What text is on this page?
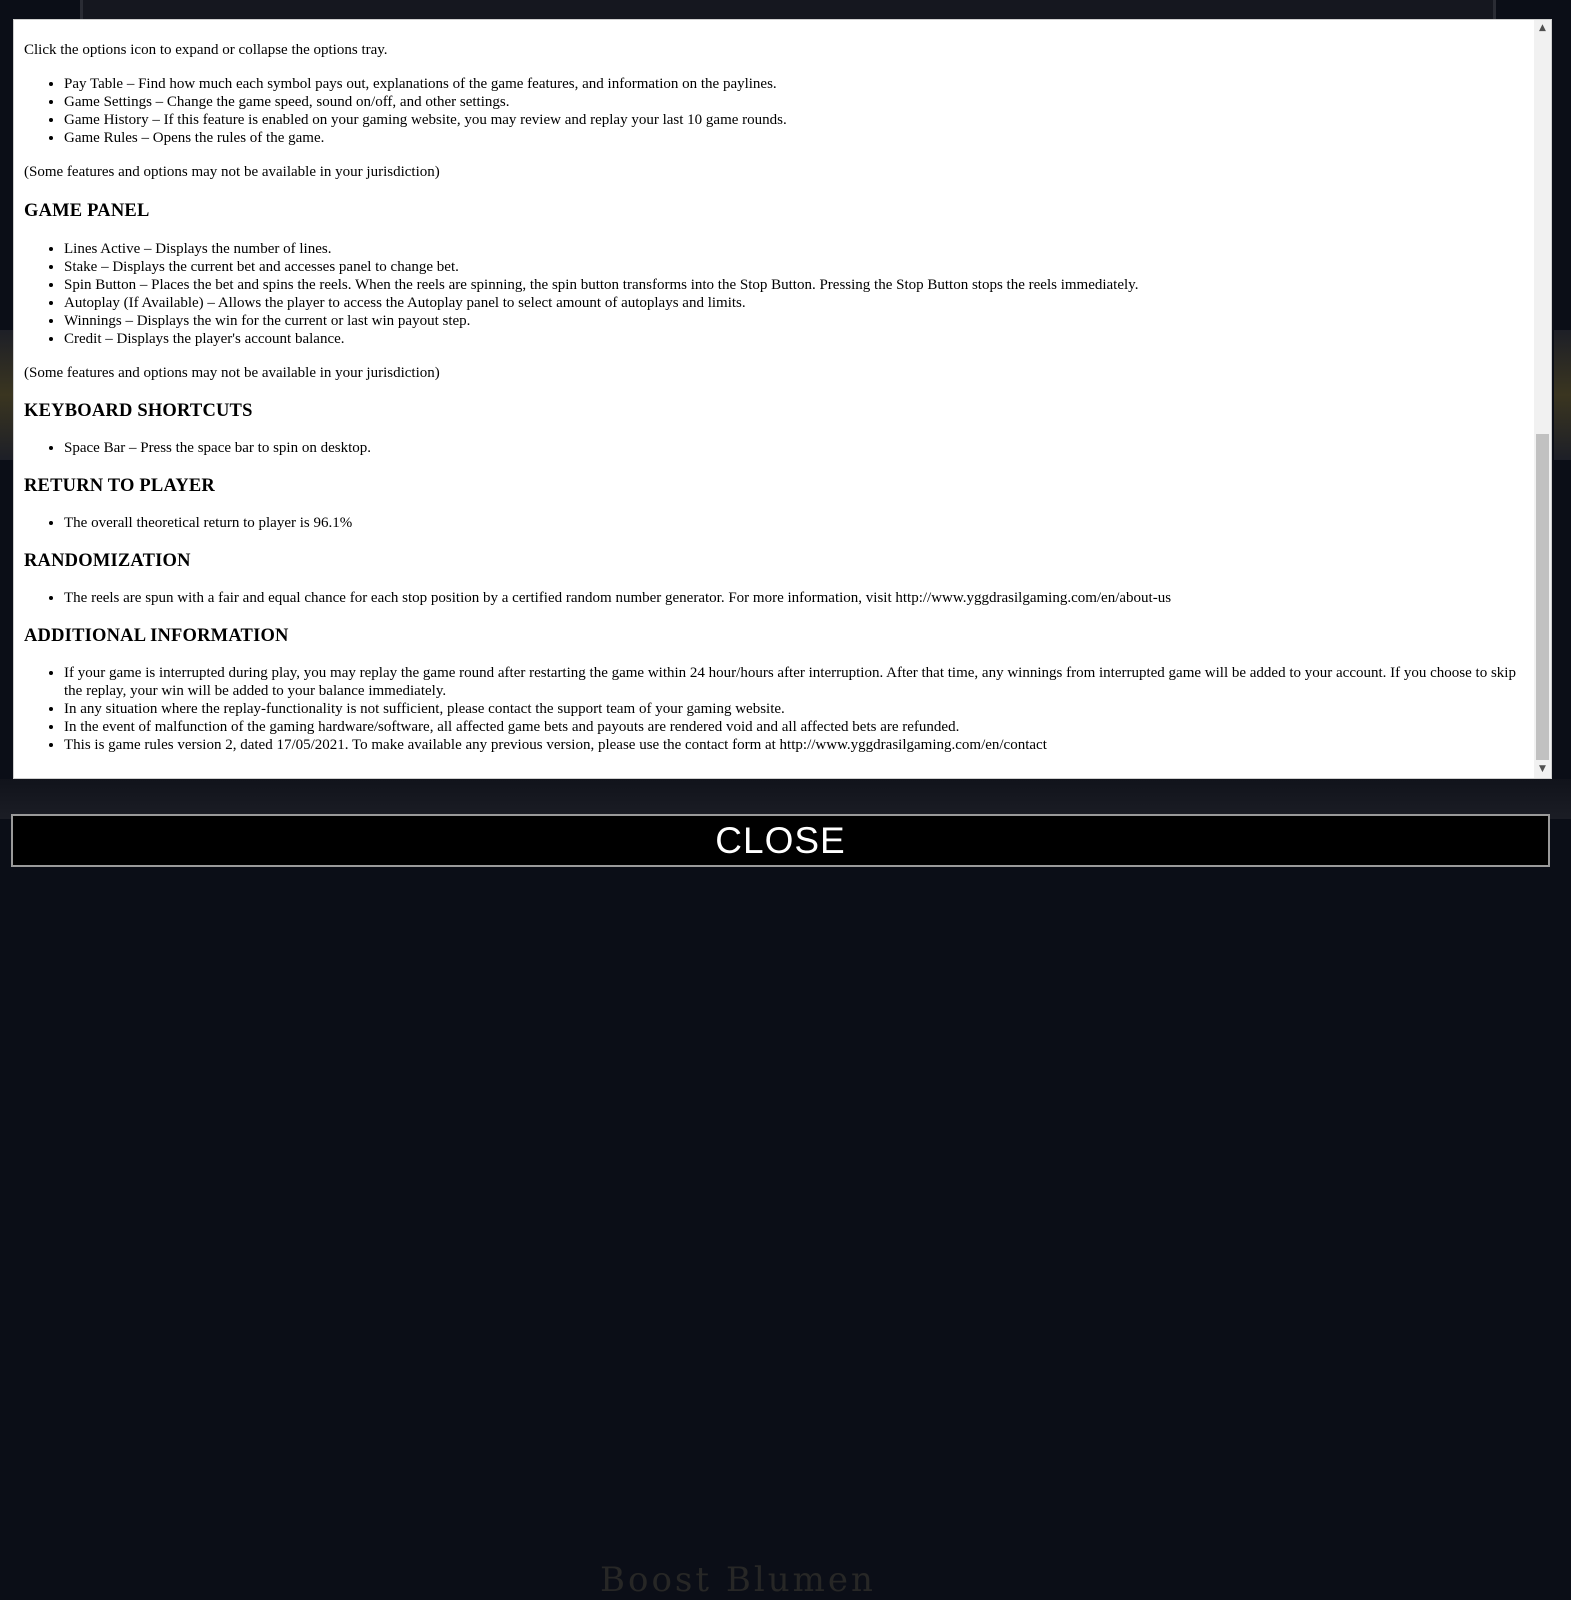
Boost Blumen

Click the options icon to expand or collapse the options tray.

• Pay Table – Find how much each symbol pays out, explanations of the game features, and information on the paylines.
• Game Settings – Change the game speed, sound on/off, and other settings.
• Game History – If this feature is enabled on your gaming website, you may review and replay your last 10 game rounds.
• Game Rules – Opens the rules of the game.

(Some features and options may not be available in your jurisdiction)

GAME PANEL
• Lines Active – Displays the number of lines.
• Stake – Displays the current bet and accesses panel to change bet.
• Spin Button – Places the bet and spins the reels. When the reels are spinning, the spin button transforms into the Stop Button. Pressing the Stop Button stops the reels immediately.
• Autoplay (If Available) – Allows the player to access the Autoplay panel to select amount of autoplays and limits.
• Winnings – Displays the win for the current or last win payout step.
• Credit – Displays the player's account balance.

(Some features and options may not be available in your jurisdiction)

KEYBOARD SHORTCUTS
• Space Bar – Press the space bar to spin on desktop.
RETURN TO PLAYER
• The overall theoretical return to player is 96.1%
RANDOMIZATION
• The reels are spun with a fair and equal chance for each stop position by a certified random number generator. For more information, visit http://www.yggdrasilgaming.com/en/about-us
ADDITIONAL INFORMATION
• If your game is interrupted during play, you may replay the game round after restarting the game within 24 hour/hours after interruption. After that time, any winnings from interrupted game will be added to your account. If you choose to skip the replay, your win will be added to your balance immediately.
• In any situation where the replay-functionality is not sufficient, please contact the support team of your gaming website.
• In the event of malfunction of the gaming hardware/software, all affected game bets and payouts are rendered void and all affected bets are refunded.
• This is game rules version 2, dated 17/05/2021. To make available any previous version, please use the contact form at http://www.yggdrasilgaming.com/en/contact
▲
▼
CLOSE
